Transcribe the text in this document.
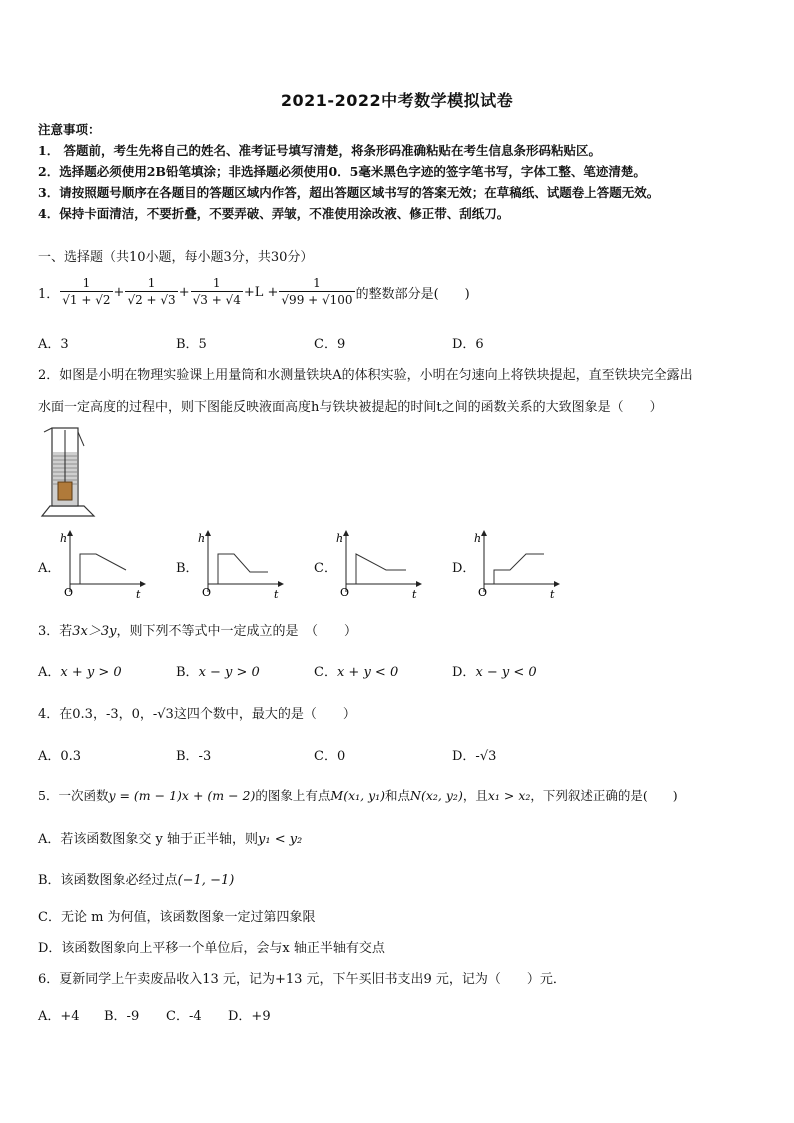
2021-2022中考数学模拟试卷
注意事项：
1． 答题前，考生先将自己的姓名、准考证号填写清楚，将条形码准确粘贴在考生信息条形码粘贴区。
2．选择题必须使用2B铅笔填涂；非选择题必须使用0．5毫米黑色字迹的签字笔书写，字体工整、笔迹清楚。
3．请按照题号顺序在各题目的答题区域内作答，超出答题区域书写的答案无效；在草稿纸、试题卷上答题无效。
4．保持卡面清洁，不要折叠，不要弄破、弄皱，不准使用涂改液、修正带、刮纸刀。
一、选择题（共10小题，每小题3分，共30分）
1． $\frac{1}{√1 + √2} + \frac{1}{√2 + √3} + \frac{1}{√3 + √4} +L + \frac{1}{√99 + √100}$ 的整数部分是(　　)
A．3	B．5	C．9	D．6
2．如图是小明在物理实验课上用量筒和水测量铁块A的体积实验，小明在匀速向上将铁块提起，直至铁块完全露出
水面一定高度的过程中，则下图能反映液面高度h与铁块被提起的时间t之间的函数关系的大致图象是（　　）
A．
h
t
O
B．
h
t
O
C．
h
t
O
D．
h
t
O
3．若3x＞3y，则下列不等式中一定成立的是　（　　）
A．x + y > 0	B．x − y > 0	C．x + y < 0	D．x − y < 0
4．在0.3，-3，0，-√3这四个数中，最大的是（　　）
A．0.3	B．-3	C．0	D．-√3
5．一次函数y = (m − 1)x + (m − 2)的图象上有点M(x₁, y₁)和点N(x₂, y₂)，且x₁ > x₂，下列叙述正确的是(　　)
A．若该函数图象交 y 轴于正半轴，则y₁ < y₂
B．该函数图象必经过点(−1, −1)
C．无论 m 为何值，该函数图象一定过第四象限
D．该函数图象向上平移一个单位后，会与x 轴正半轴有交点
6．夏新同学上午卖废品收入13 元，记为+13 元，下午买旧书支出9 元，记为（　　）元．
A．+4 B．-9 C．-4 D．+9
